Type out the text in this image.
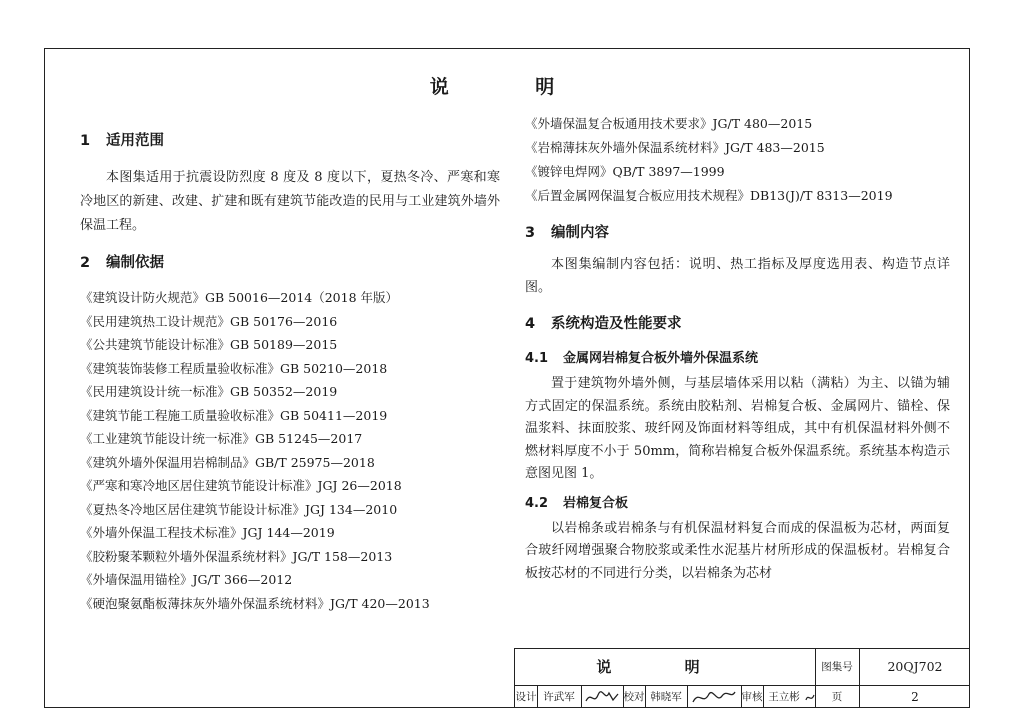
说 明
1 适用范围

本图集适用于抗震设防烈度 8 度及 8 度以下，夏热冬冷、严寒和寒冷地区的新建、改建、扩建和既有建筑节能改造的民用与工业建筑外墙外保温工程。

2 编制依据

《建筑设计防火规范》GB 50016—2014（2018 年版）

《民用建筑热工设计规范》GB 50176—2016

《公共建筑节能设计标准》GB 50189—2015

《建筑装饰装修工程质量验收标准》GB 50210—2018

《民用建筑设计统一标准》GB 50352—2019

《建筑节能工程施工质量验收标准》GB 50411—2019

《工业建筑节能设计统一标准》GB 51245—2017

《建筑外墙外保温用岩棉制品》GB/T 25975—2018

《严寒和寒冷地区居住建筑节能设计标准》JGJ 26—2018

《夏热冬冷地区居住建筑节能设计标准》JGJ 134—2010

《外墙外保温工程技术标准》JGJ 144—2019

《胶粉聚苯颗粒外墙外保温系统材料》JG/T 158—2013

《外墙保温用锚栓》JG/T 366—2012

《硬泡聚氨酯板薄抹灰外墙外保温系统材料》JG/T 420—2013

《外墙保温复合板通用技术要求》JG/T 480—2015

《岩棉薄抹灰外墙外保温系统材料》JG/T 483—2015

《镀锌电焊网》QB/T 3897—1999

《后置金属网保温复合板应用技术规程》DB13(J)/T 8313—2019

3 编制内容

本图集编制内容包括：说明、热工指标及厚度选用表、构造节点详图。

4 系统构造及性能要求
4.1 金属网岩棉复合板外墙外保温系统

置于建筑物外墙外侧，与基层墙体采用以粘（满粘）为主、以锚为辅方式固定的保温系统。系统由胶粘剂、岩棉复合板、金属网片、锚栓、保温浆料、抹面胶浆、玻纤网及饰面材料等组成，其中有机保温材料外侧不燃材料厚度不小于 50mm，简称岩棉复合板外保温系统。系统基本构造示意图见图 1。

4.2 岩棉复合板

以岩棉条或岩棉条与有机保温材料复合而成的保温板为芯材，两面复合玻纤网增强聚合物胶浆或柔性水泥基片材所形成的保温板材。岩棉复合板按芯材的不同进行分类，以岩棉条为芯材

说 明	图集号	20QJ702
设计 许武军	校对 韩晓军	审核 王立彬	页	2
